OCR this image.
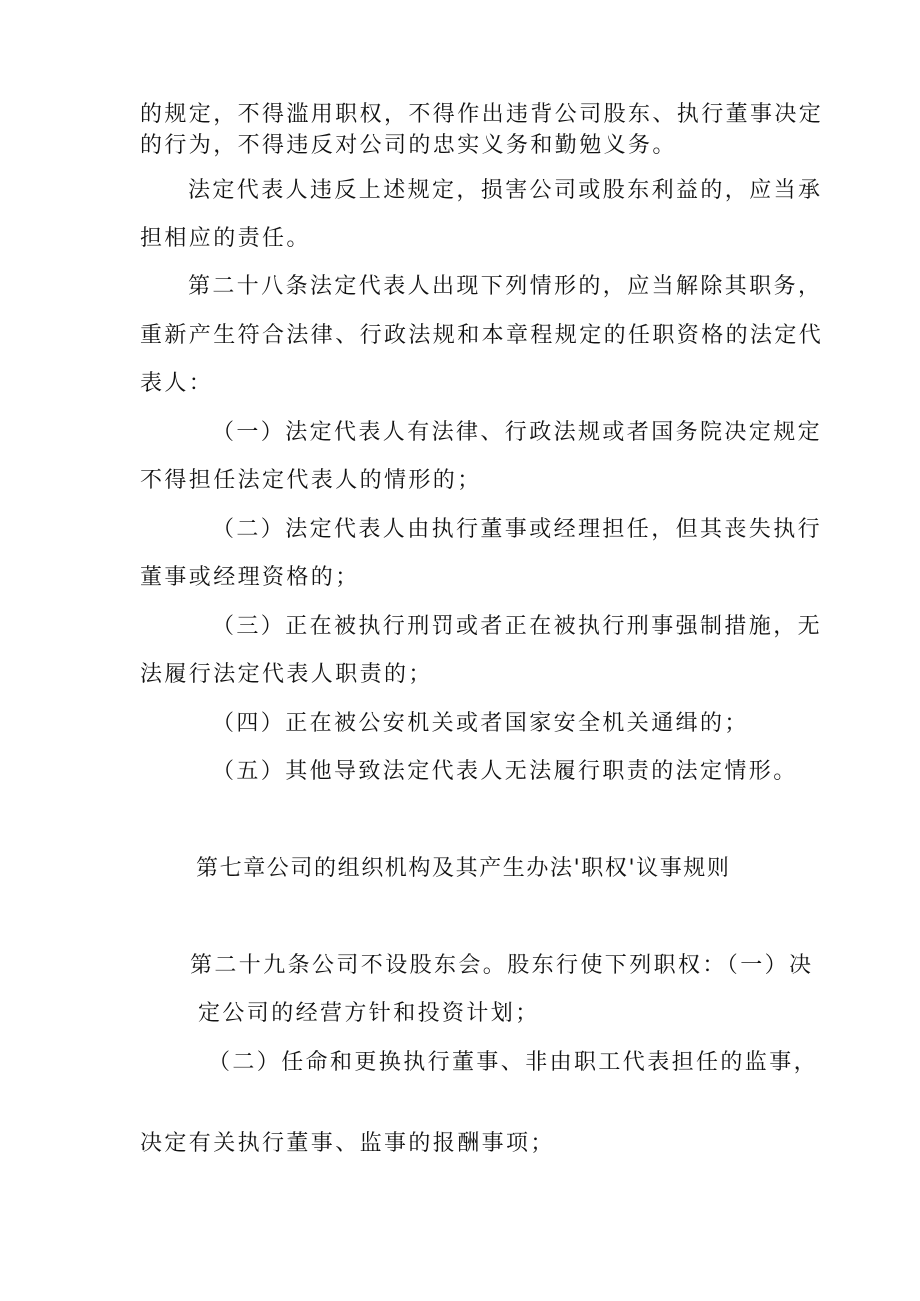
的规定，不得滥用职权，不得作出违背公司股东、执行董事决定
的行为，不得违反对公司的忠实义务和勤勉义务。
法定代表人违反上述规定，损害公司或股东利益的，应当承
担相应的责任。
第二十八条法定代表人出现下列情形的，应当解除其职务，
重新产生符合法律、行政法规和本章程规定的任职资格的法定代
表人：
（一）法定代表人有法律、行政法规或者国务院决定规定
不得担任法定代表人的情形的；
（二）法定代表人由执行董事或经理担任，但其丧失执行
董事或经理资格的；
（三）正在被执行刑罚或者正在被执行刑事强制措施，无
法履行法定代表人职责的；
（四）正在被公安机关或者国家安全机关通缉的；
（五）其他导致法定代表人无法履行职责的法定情形。
第七章公司的组织机构及其产生办法'职权'议事规则
第二十九条公司不设股东会。股东行使下列职权：（一）决
定公司的经营方针和投资计划；
（二）任命和更换执行董事、非由职工代表担任的监事，
决定有关执行董事、监事的报酬事项；
